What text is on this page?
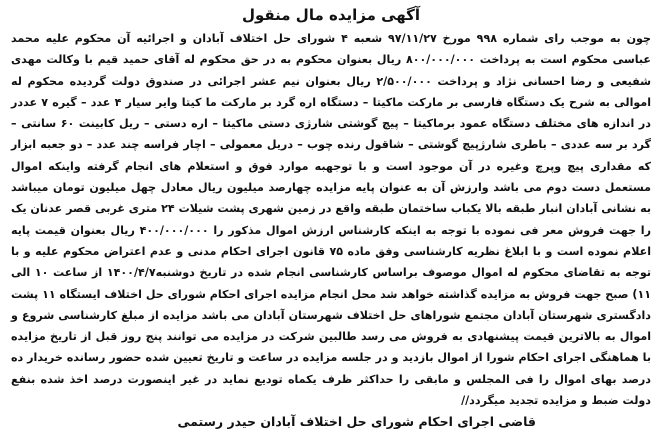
آگهی مزایده مال منقول

چون به موجب رای شماره ۹۹۸ مورخ ۹۷/۱۱/۲۷ شعبه ۴ شورای حل اختلاف آبادان و اجرائیه آن محکوم علیه محمد عباسی محکوم است به پرداخت ۸۰۰/۰۰۰/۰۰۰ ریال بعنوان محکوم به در حق محکوم له آقای حمید قیم با وکالت مهدی شفیعی و رضا احسانی نژاد و پرداخت ۲/۵۰۰/۰۰۰ ریال بعنوان نیم عشر اجرائی در صندوق دولت گردیده محکوم له اموالی به شرح یک دستگاه فارسی بر مارکت ماکیتا – دستگاه اره گرد بر مارکت ما کیتا وایر سیار ۴ عدد – گیره ۷ عددر در اندازه های مختلف دستگاه عمود برماکیتا – پیچ گوشتی شارژی دستی ماکیتا – اره دستی – ریل کابینت ۶۰ سانتی – گرد بر سه عددی – باطری شارژپیچ گوشتی – شاقول رنده چوب – دریل معمولی – اچار فراسه چند عدد – دو جعبه ابزار که مقداری پیچ وپرچ وغیره در آن موجود است و با توجهبه موارد فوق و استعلام های انجام گرفته واینکه اموال مستعمل دست دوم می باشد وارزش آن به عنوان پایه مزایده چهارصد میلیون ریال معادل چهل میلیون تومان میباشد به نشانی آبادان انبار طبقه بالا یکباب ساختمان طبقه واقع در زمین شهری پشت شیلات ۲۴ متری غربی قصر عدنان یک را جهت فروش معر فی نموده با توجه به اینکه کارشناس ارزش اموال مذکور را ۴۰۰/۰۰۰/۰۰۰ ریال بعنوان قیمت پایه اعلام نموده است و با ابلاغ نظریه کارشناسی وفق ماده ۷۵ قانون اجرای احکام مدنی و عدم اعتراض محکوم علیه و با توجه به تقاضای محکوم له اموال موصوف براساس کارشناسی انجام شده در تاریخ دوشنبه۱۴۰۰/۴/۷ از ساعت ۱۰ الی ۱۱) صبح جهت فروش به مزایده گذاشته خواهد شد محل انجام مزایده اجرای احکام شورای حل اختلاف ایستگاه ۱۱ پشت دادگستری شهرستان آبادان مجتمع شوراهای حل اختلاف شهرستان آبادان می باشد مزایده از مبلغ کارشناسی شروع و اموال به بالاترین قیمت پیشنهادی به فروش می رسد طالبین شرکت در مزایده می توانند پنج روز قبل از تاریخ مزایده با هماهنگی اجرای احکام شورا از اموال بازدید و در جلسه مزایده در ساعت و تاریخ تعیین شده حضور رسانده خریدار ده درصد بهای اموال را فی المجلس و مابقی را حداکثر ظرف یکماه تودیع نماید در غیر اینصورت درصد اخذ شده بنفع دولت ضبط و مزایده تجدید میگردد//

قاضی اجرای احکام شورای حل اختلاف آبادان حیدر رستمی
